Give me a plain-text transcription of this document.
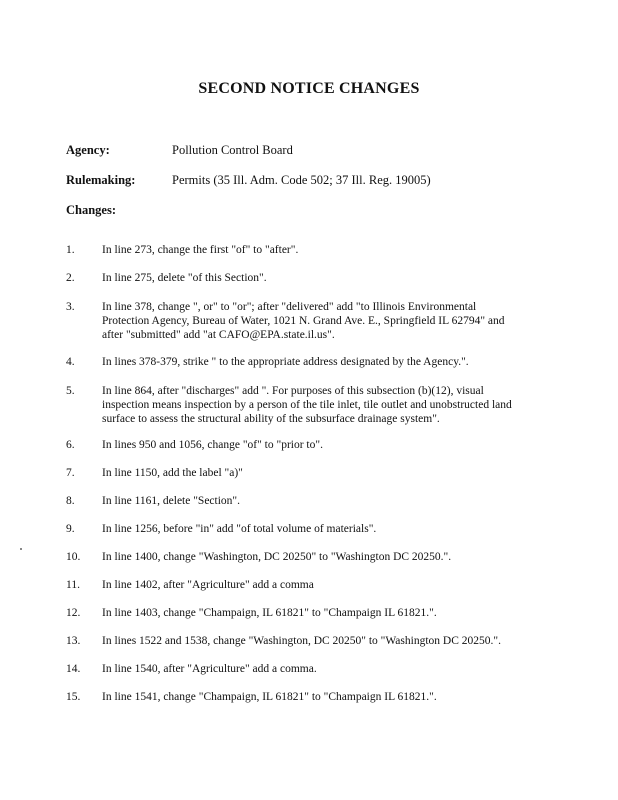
SECOND NOTICE CHANGES
Agency:	Pollution Control Board
Rulemaking:	Permits (35 Ill. Adm. Code 502; 37 Ill. Reg. 19005)
Changes:
1.	In line 273, change the first "of" to "after".
2.	In line 275, delete "of this Section".
3.	In line 378, change ", or" to "or"; after "delivered" add "to Illinois Environmental Protection Agency, Bureau of Water, 1021 N. Grand Ave. E., Springfield IL 62794" and after "submitted" add "at CAFO@EPA.state.il.us".
4.	In lines 378-379, strike " to the appropriate address designated by the Agency.".
5.	In line 864, after "discharges" add ". For purposes of this subsection (b)(12), visual inspection means inspection by a person of the tile inlet, tile outlet and unobstructed land surface to assess the structural ability of the subsurface drainage system".
6.	In lines 950 and 1056, change "of" to "prior to".
7.	In line 1150, add the label "a)"
8.	In line 1161, delete "Section".
9.	In line 1256, before "in" add "of total volume of materials".
10.	In line 1400, change "Washington, DC 20250" to "Washington DC 20250.".
11.	In line 1402, after "Agriculture" add a comma
12.	In line 1403, change "Champaign, IL 61821" to "Champaign IL 61821.".
13.	In lines 1522 and 1538, change "Washington, DC 20250" to "Washington DC 20250.".
14.	In line 1540, after "Agriculture" add a comma.
15.	In line 1541, change "Champaign, IL 61821" to "Champaign IL 61821.".
